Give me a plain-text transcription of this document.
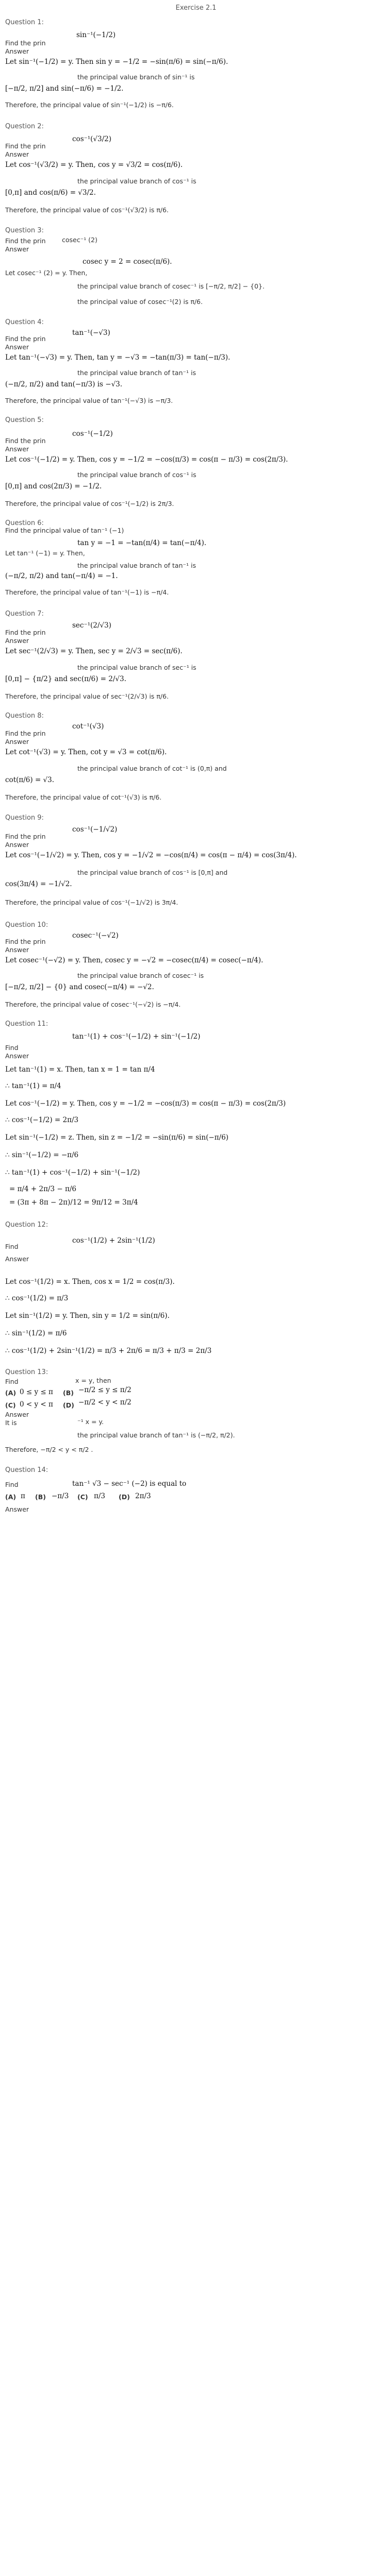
Exercise 2.1
Question 1:
Find the prin
sin⁻¹(−1/2)
Answer
Let sin⁻¹(−1/2) = y. Then sin y = −1/2 = −sin(π/6) = sin(−π/6).
the principal value branch of sin⁻¹ is
[−π/2, π/2] and sin(−π/6) = −1/2.
Therefore, the principal value of sin⁻¹(−1/2) is −π/6.
Question 2:
Find the prin
cos⁻¹(√3/2)
Answer
Let cos⁻¹(√3/2) = y. Then, cos y = √3/2 = cos(π/6).
the principal value branch of cos⁻¹ is
[0,π] and cos(π/6) = √3/2.
Therefore, the principal value of cos⁻¹(√3/2) is π/6.
Question 3:
Find the prin	cosec⁻¹ (2)
Answer
cosec y = 2 = cosec(π/6).
Let cosec⁻¹ (2) = y. Then,
the principal value branch of cosec⁻¹ is [−π/2, π/2] − {0}.
the principal value of cosec⁻¹(2) is π/6.
Question 4:
Find the prin
tan⁻¹(−√3)
Answer
Let tan⁻¹(−√3) = y. Then, tan y = −√3 = −tan(π/3) = tan(−π/3).
the principal value branch of tan⁻¹ is
(−π/2, π/2) and tan(−π/3) is −√3.
Therefore, the principal value of tan⁻¹(−√3) is −π/3.
Question 5:
Find the prin
cos⁻¹(−1/2)
Answer
Let cos⁻¹(−1/2) = y. Then, cos y = −1/2 = −cos(π/3) = cos(π − π/3) = cos(2π/3).
the principal value branch of cos⁻¹ is
[0,π] and cos(2π/3) = −1/2.
Therefore, the principal value of cos⁻¹(−1/2) is 2π/3.
Question 6:
Find the principal value of tan⁻¹ (−1)
tan y = −1 = −tan(π/4) = tan(−π/4).
Let tan⁻¹ (−1) = y. Then,
the principal value branch of tan⁻¹ is
(−π/2, π/2) and tan(−π/4) = −1.
Therefore, the principal value of tan⁻¹(−1) is −π/4.
Question 7:
Find the prin
sec⁻¹(2/√3)
Answer
Let sec⁻¹(2/√3) = y. Then, sec y = 2/√3 = sec(π/6).
the principal value branch of sec⁻¹ is
[0,π] − {π/2} and sec(π/6) = 2/√3.
Therefore, the principal value of sec⁻¹(2/√3) is π/6.
Question 8:
Find the prin
cot⁻¹(√3)
Answer
Let cot⁻¹(√3) = y. Then, cot y = √3 = cot(π/6).
the principal value branch of cot⁻¹ is (0,π) and
cot(π/6) = √3.
Therefore, the principal value of cot⁻¹(√3) is π/6.
Question 9:
Find the prin
cos⁻¹(−1/√2)
Answer
Let cos⁻¹(−1/√2) = y. Then, cos y = −1/√2 = −cos(π/4) = cos(π − π/4) = cos(3π/4).
the principal value branch of cos⁻¹ is [0,π] and
cos(3π/4) = −1/√2.
Therefore, the principal value of cos⁻¹(−1/√2) is 3π/4.
Question 10:
Find the prin
cosec⁻¹(−√2)
Answer
Let cosec⁻¹(−√2) = y. Then, cosec y = −√2 = −cosec(π/4) = cosec(−π/4).
the principal value branch of cosec⁻¹ is
[−π/2, π/2] − {0} and cosec(−π/4) = −√2.
Therefore, the principal value of cosec⁻¹(−√2) is −π/4.
Question 11:
tan⁻¹(1) + cos⁻¹(−1/2) + sin⁻¹(−1/2)
Find
Answer
Let tan⁻¹(1) = x. Then, tan x = 1 = tan π/4
∴ tan⁻¹(1) = π/4
Let cos⁻¹(−1/2) = y. Then, cos y = −1/2 = −cos(π/3) = cos(π − π/3) = cos(2π/3)
∴ cos⁻¹(−1/2) = 2π/3
Let sin⁻¹(−1/2) = z. Then, sin z = −1/2 = −sin(π/6) = sin(−π/6)
∴ sin⁻¹(−1/2) = −π/6
∴ tan⁻¹(1) + cos⁻¹(−1/2) + sin⁻¹(−1/2)
= π/4 + 2π/3 − π/6
= (3π + 8π − 2π)/12 = 9π/12 = 3π/4
Question 12:
Find
cos⁻¹(1/2) + 2sin⁻¹(1/2)
Answer
Let cos⁻¹(1/2) = x. Then, cos x = 1/2 = cos(π/3).
∴ cos⁻¹(1/2) = π/3
Let sin⁻¹(1/2) = y. Then, sin y = 1/2 = sin(π/6).
∴ sin⁻¹(1/2) = π/6
∴ cos⁻¹(1/2) + 2sin⁻¹(1/2) = π/3 + 2π/6 = π/3 + π/3 = 2π/3
Question 13:
Find	x = y, then
(A) 0 ≤ y ≤ π (B) −π/2 ≤ y ≤ π/2
(C) 0 < y < π (D) −π/2 < y < π/2
Answer
It is	⁻¹ x = y.
the principal value branch of tan⁻¹ is (−π/2, π/2).
Therefore, −π/2 < y < π/2 .
Question 14:
Find	tan⁻¹ √3 − sec⁻¹ (−2) is equal to
(A) π (B) −π/3 (C) π/3 (D) 2π/3
Answer
